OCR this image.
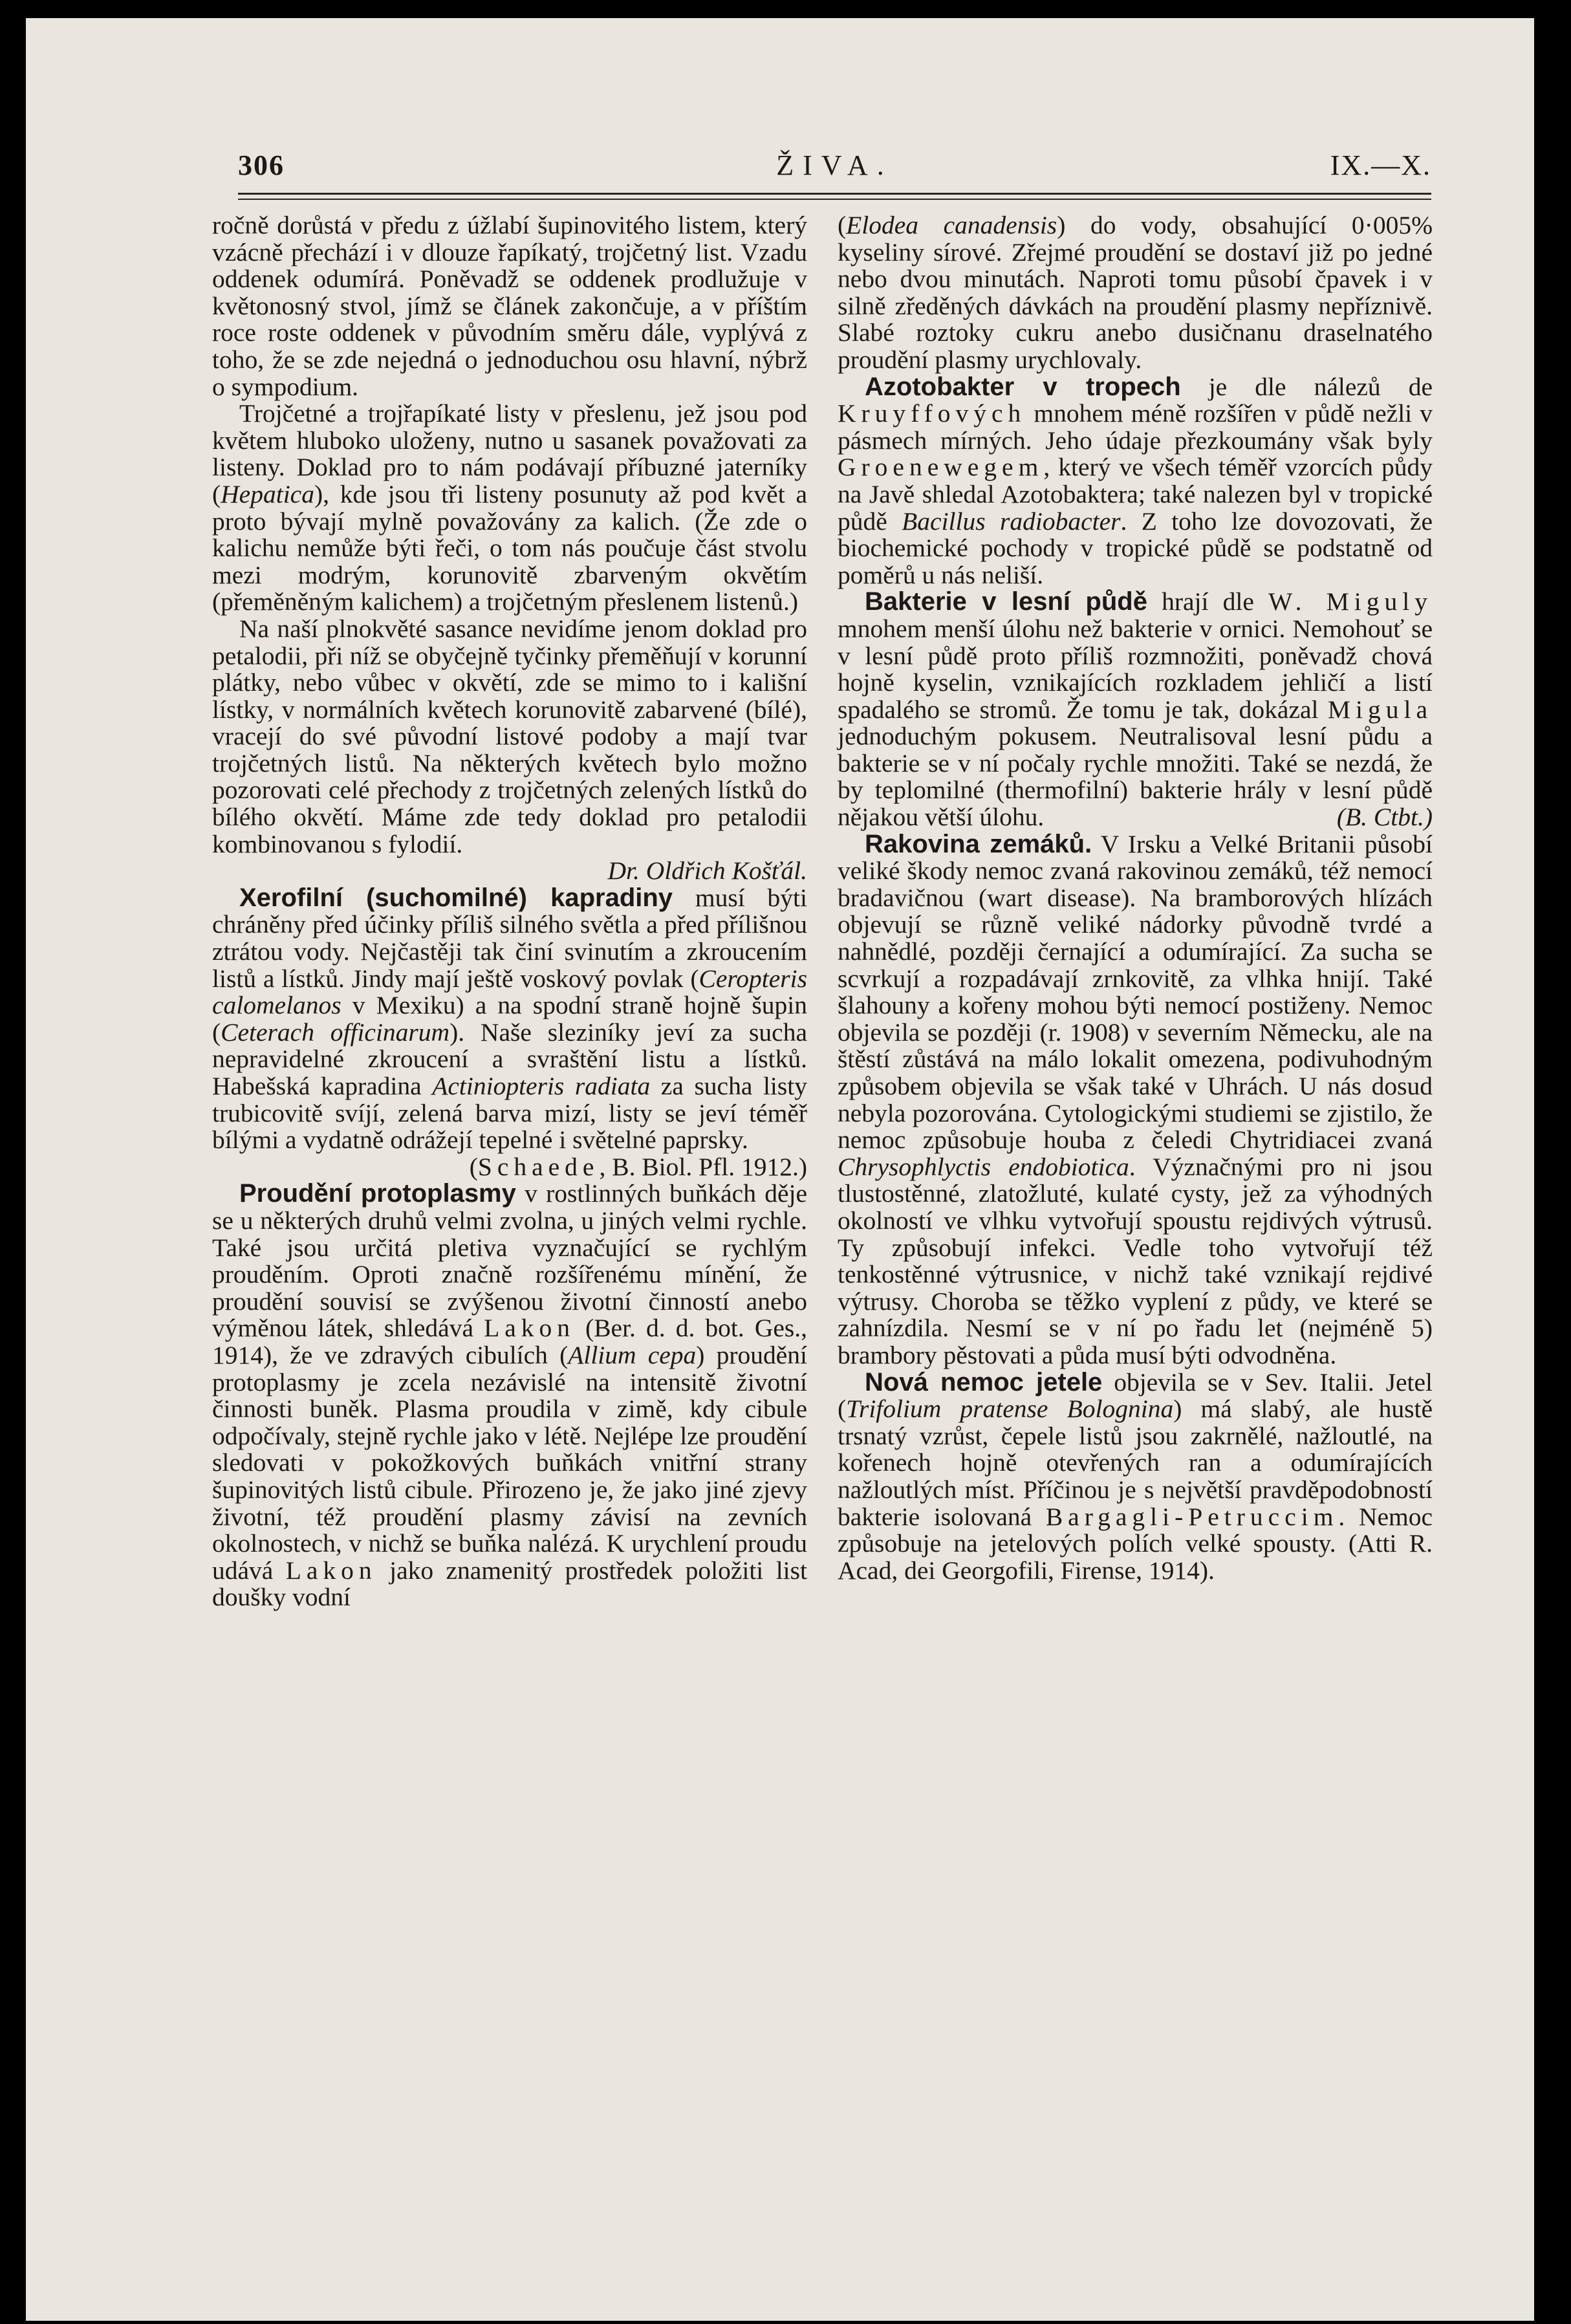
306	ŽIVA.	IX.—X.

ročně dorůstá v předu z úžlabí šupinovitého listem, který vzácně přechází i v dlouze řapíkatý, trojčetný list. Vzadu oddenek odumírá. Poněvadž se oddenek prodlužuje v květonosný stvol, jímž se článek zakončuje, a v příštím roce roste oddenek v původním směru dále, vyplývá z toho, že se zde nejedná o jednoduchou osu hlavní, nýbrž o sympodium.

Trojčetné a trojřapíkaté listy v přeslenu, jež jsou pod květem hluboko uloženy, nutno u sasanek považovati za listeny. Doklad pro to nám podávají příbuzné jaterníky (Hepatica), kde jsou tři listeny posunuty až pod květ a proto bývají mylně považovány za kalich. (Že zde o kalichu nemůže býti řeči, o tom nás poučuje část stvolu mezi modrým, korunovitě zbarveným okvětím (přeměněným kalichem) a trojčetným přeslenem listenů.)

Na naší plnokvěté sasance nevidíme jenom doklad pro petalodii, při níž se obyčejně tyčinky přeměňují v korunní plátky, nebo vůbec v okvětí, zde se mimo to i kališní lístky, v normálních květech korunovitě zabarvené (bílé), vracejí do své původní listové podoby a mají tvar trojčetných listů. Na některých květech bylo možno pozorovati celé přechody z trojčetných zelených lístků do bílého okvětí. Máme zde tedy doklad pro petalodii kombinovanou s fylodií.
Dr. Oldřich Košťál.

Xerofilní (suchomilné) kapradiny musí býti chráněny před účinky příliš silného světla a před přílišnou ztrátou vody. Nejčastěji tak činí svinutím a zkroucením listů a lístků. Jindy mají ještě voskový povlak (Ceropteris calomelanos v Mexiku) a na spodní straně hojně šupin (Ceterach officinarum). Naše sleziníky jeví za sucha nepravidelné zkroucení a svraštění listu a lístků. Habešská kapradina Actiniopteris radiata za sucha listy trubicovitě svíjí, zelená barva mizí, listy se jeví téměř bílými a vydatně odrážejí tepelné i světelné paprsky.
(Schaede, B. Biol. Pfl. 1912.)

Proudění protoplasmy v rostlinných buňkách děje se u některých druhů velmi zvolna, u jiných velmi rychle. Také jsou určitá pletiva vyznačující se rychlým prouděním. Oproti značně rozšířenému mínění, že proudění souvisí se zvýšenou životní činností anebo výměnou látek, shledává Lakon (Ber. d. d. bot. Ges., 1914), že ve zdravých cibulích (Allium cepa) proudění protoplasmy je zcela nezávislé na intensitě životní činnosti buněk. Plasma proudila v zimě, kdy cibule odpočívaly, stejně rychle jako v létě. Nejlépe lze proudění sledovati v pokožkových buňkách vnitřní strany šupinovitých listů cibule. Přirozeno je, že jako jiné zjevy životní, též proudění plasmy závisí na zevních okolnostech, v nichž se buňka nalézá. K urychlení proudu udává Lakon jako znamenitý prostředek položiti list doušky vodní

(Elodea canadensis) do vody, obsahující 0·005% kyseliny sírové. Zřejmé proudění se dostaví již po jedné nebo dvou minutách. Naproti tomu působí čpavek i v silně zředěných dávkách na proudění plasmy nepříznivě. Slabé roztoky cukru anebo dusičnanu draselnatého proudění plasmy urychlovaly.

Azotobakter v tropech je dle nálezů de Kruyffových mnohem méně rozšířen v půdě nežli v pásmech mírných. Jeho údaje přezkoumány však byly Groenewegem, který ve všech téměř vzorcích půdy na Javě shledal Azotobaktera; také nalezen byl v tropické půdě Bacillus radiobacter. Z toho lze dovozovati, že biochemické pochody v tropické půdě se podstatně od poměrů u nás neliší.

Bakterie v lesní půdě hrají dle W. Miguly mnohem menší úlohu než bakterie v ornici. Nemohouť se v lesní půdě proto příliš rozmnožiti, poněvadž chová hojně kyselin, vznikajících rozkladem jehličí a listí spadalého se stromů. Že tomu je tak, dokázal Migula jednoduchým pokusem. Neutralisoval lesní půdu a bakterie se v ní počaly rychle množiti. Také se nezdá, že by teplomilné (thermofilní) bakterie hrály v lesní půdě nějakou větší úlohu.	(B. Ctbt.)

Rakovina zemáků. V Irsku a Velké Britanii působí veliké škody nemoc zvaná rakovinou zemáků, též nemocí bradavičnou (wart disease). Na bramborových hlízách objevují se různě veliké nádorky původně tvrdé a nahnědlé, později černající a odumírající. Za sucha se scvrkují a rozpadávají zrnkovitě, za vlhka hnijí. Také šlahouny a kořeny mohou býti nemocí postiženy. Nemoc objevila se později (r. 1908) v severním Německu, ale na štěstí zůstává na málo lokalit omezena, podivuhodným způsobem objevila se však také v Uhrách. U nás dosud nebyla pozorována. Cytologickými studiemi se zjistilo, že nemoc způsobuje houba z čeledi Chytridiacei zvaná Chrysophlyctis endobiotica. Význačnými pro ni jsou tlustostěnné, zlatožluté, kulaté cysty, jež za výhodných okolností ve vlhku vytvořují spoustu rejdivých výtrusů. Ty způsobují infekci. Vedle toho vytvořují též tenkostěnné výtrusnice, v nichž také vznikají rejdivé výtrusy. Choroba se těžko vyplení z půdy, ve které se zahnízdila. Nesmí se v ní po řadu let (nejméně 5) brambory pěstovati a půda musí býti odvodněna.

Nová nemoc jetele objevila se v Sev. Italii. Jetel (Trifolium pratense Bolognina) má slabý, ale hustě trsnatý vzrůst, čepele listů jsou zakrnělé, nažloutlé, na kořenech hojně otevřených ran a odumírajících nažloutlých míst. Příčinou je s největší pravděpodobností bakterie isolovaná Bargagli-Petruccim. Nemoc způsobuje na jetelových polích velké spousty. (Atti R. Acad, dei Georgofili, Firense, 1914).
